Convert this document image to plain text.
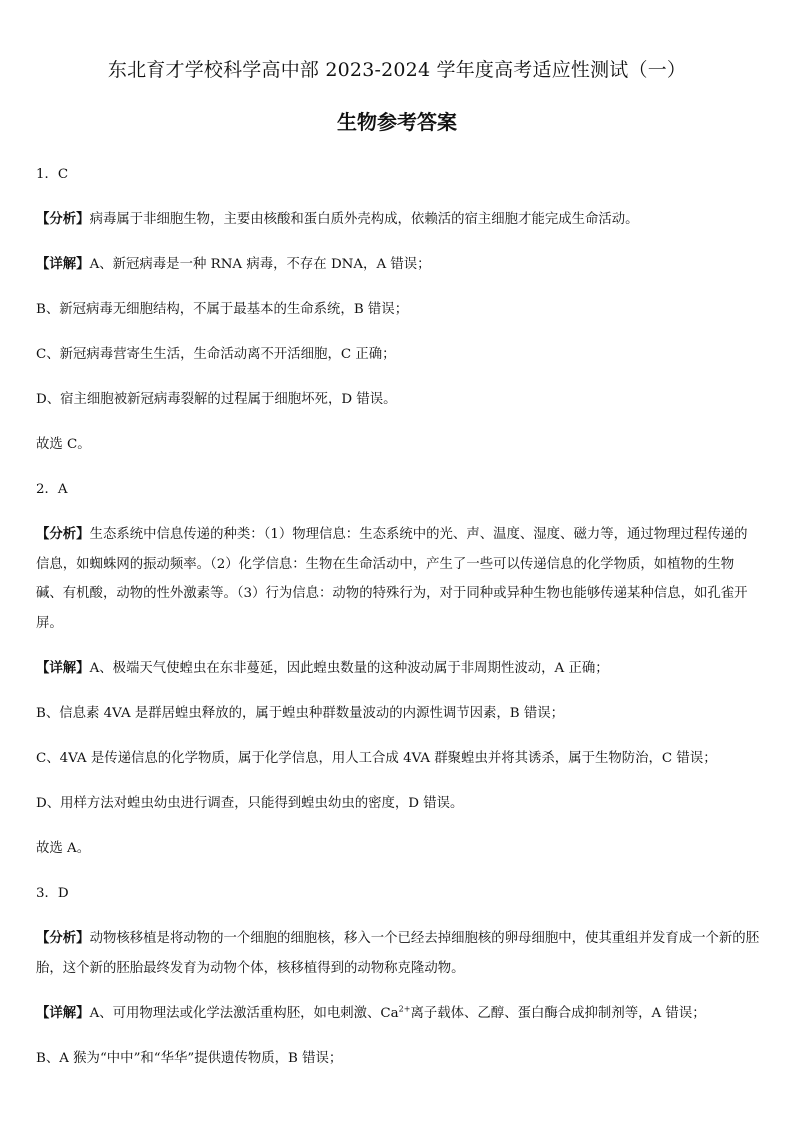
东北育才学校科学高中部 2023-2024 学年度高考适应性测试（一）
生物参考答案

1．C

【分析】病毒属于非细胞生物，主要由核酸和蛋白质外壳构成，依赖活的宿主细胞才能完成生命活动。

【详解】A、新冠病毒是一种 RNA 病毒，不存在 DNA，A 错误；

B、新冠病毒无细胞结构，不属于最基本的生命系统，B 错误；

C、新冠病毒营寄生生活，生命活动离不开活细胞，C 正确；

D、宿主细胞被新冠病毒裂解的过程属于细胞坏死，D 错误。

故选 C。

2．A

【分析】生态系统中信息传递的种类：（1）物理信息：生态系统中的光、声、温度、湿度、磁力等，通过物理过程传递的信息，如蜘蛛网的振动频率。（2）化学信息：生物在生命活动中，产生了一些可以传递信息的化学物质，如植物的生物碱、有机酸，动物的性外激素等。（3）行为信息：动物的特殊行为，对于同种或异种生物也能够传递某种信息，如孔雀开屏。

【详解】A、极端天气使蝗虫在东非蔓延，因此蝗虫数量的这种波动属于非周期性波动，A 正确；

B、信息素 4VA 是群居蝗虫释放的，属于蝗虫种群数量波动的内源性调节因素，B 错误；

C、4VA 是传递信息的化学物质，属于化学信息，用人工合成 4VA 群聚蝗虫并将其诱杀，属于生物防治，C 错误；

D、用样方法对蝗虫幼虫进行调查，只能得到蝗虫幼虫的密度，D 错误。

故选 A。

3．D

【分析】动物核移植是将动物的一个细胞的细胞核，移入一个已经去掉细胞核的卵母细胞中，使其重组并发育成一个新的胚胎，这个新的胚胎最终发育为动物个体，核移植得到的动物称克隆动物。

【详解】A、可用物理法或化学法激活重构胚，如电刺激、$Ca^{2+}$离子载体、乙醇、蛋白酶合成抑制剂等，A 错误；

B、A 猴为“中中”和“华华”提供遗传物质，B 错误；
